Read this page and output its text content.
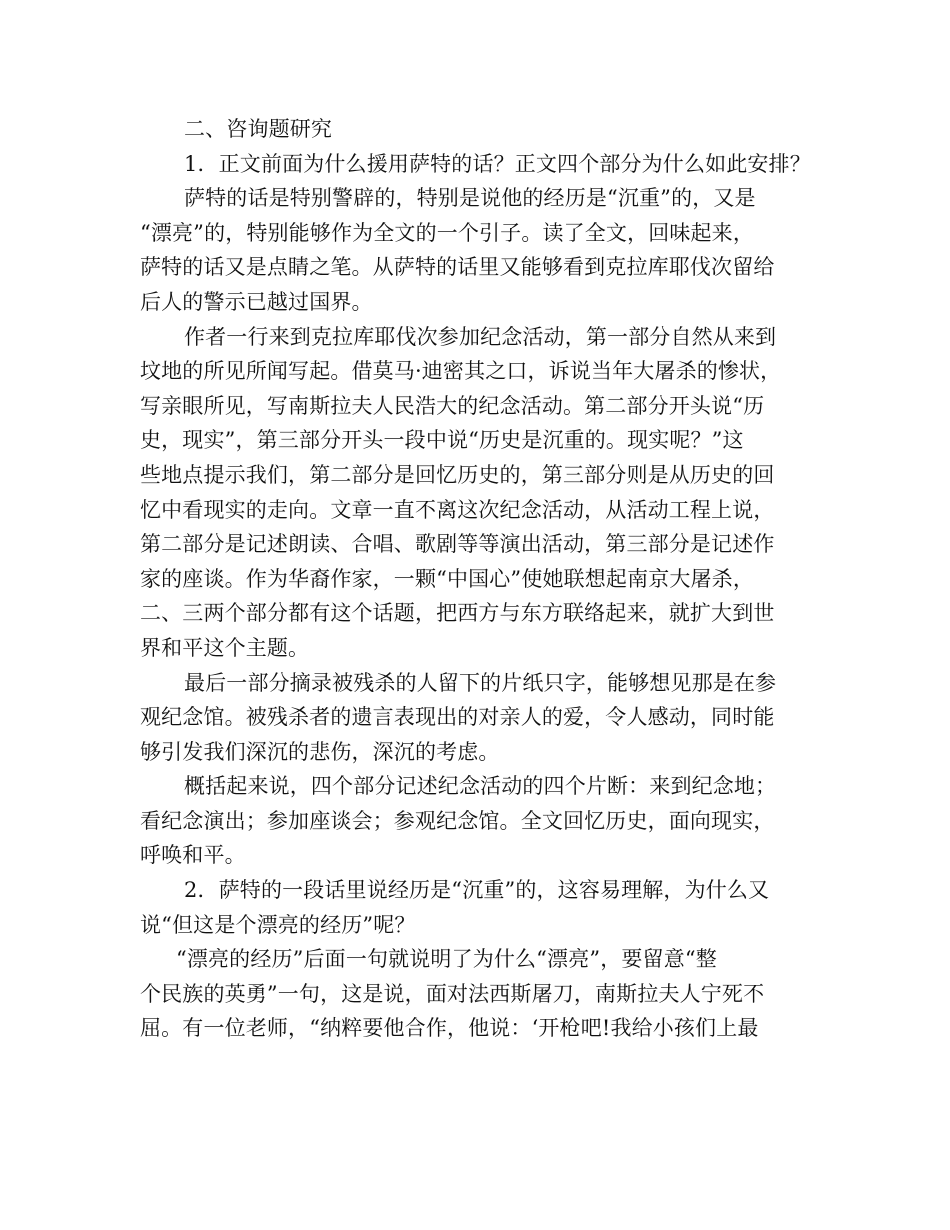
二、咨询题研究
1．正文前面为什么援用萨特的话？正文四个部分为什么如此安排？
萨特的话是特别警辟的，特别是说他的经历是“沉重”的，又是
“漂亮”的，特别能够作为全文的一个引子。读了全文，回味起来，
萨特的话又是点睛之笔。从萨特的话里又能够看到克拉库耶伐次留给
后人的警示已越过国界。
作者一行来到克拉库耶伐次参加纪念活动，第一部分自然从来到
坟地的所见所闻写起。借莫马·迪密其之口，诉说当年大屠杀的惨状，
写亲眼所见，写南斯拉夫人民浩大的纪念活动。第二部分开头说“历
史，现实”，第三部分开头一段中说“历史是沉重的。现实呢？”这
些地点提示我们，第二部分是回忆历史的，第三部分则是从历史的回
忆中看现实的走向。文章一直不离这次纪念活动，从活动工程上说，
第二部分是记述朗读、合唱、歌剧等等演出活动，第三部分是记述作
家的座谈。作为华裔作家，一颗“中国心”使她联想起南京大屠杀，
二、三两个部分都有这个话题，把西方与东方联络起来，就扩大到世
界和平这个主题。
最后一部分摘录被残杀的人留下的片纸只字，能够想见那是在参
观纪念馆。被残杀者的遗言表现出的对亲人的爱，令人感动，同时能
够引发我们深沉的悲伤，深沉的考虑。
概括起来说，四个部分记述纪念活动的四个片断：来到纪念地；
看纪念演出；参加座谈会；参观纪念馆。全文回忆历史，面向现实，
呼唤和平。
2．萨特的一段话里说经历是“沉重”的，这容易理解，为什么又
说“但这是个漂亮的经历”呢？
“漂亮的经历”后面一句就说明了为什么“漂亮”，要留意“整
个民族的英勇”一句，这是说，面对法西斯屠刀，南斯拉夫人宁死不
屈。有一位老师，“纳粹要他合作，他说：‘开枪吧!我给小孩们上最
